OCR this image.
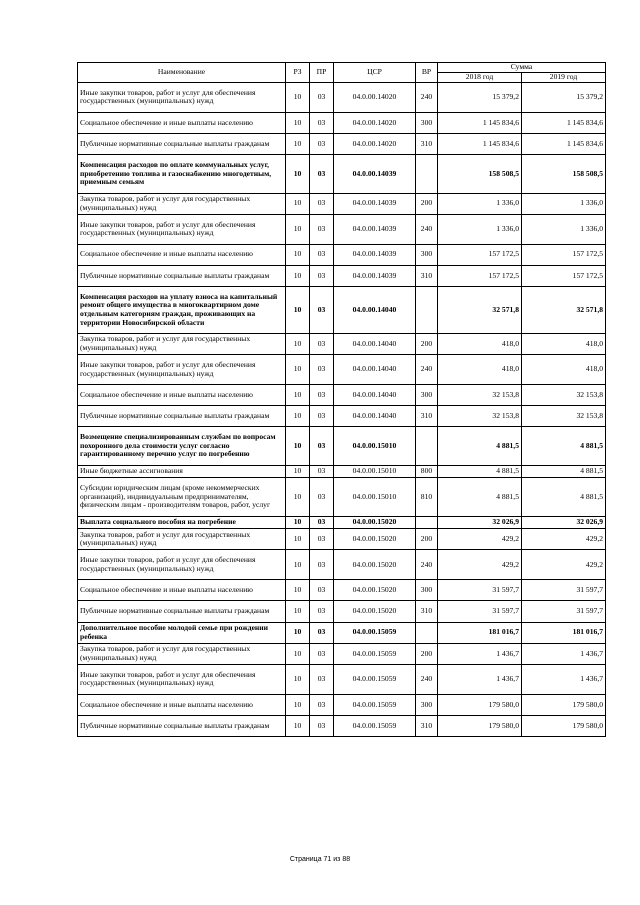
Наименование	РЗ	ПР	ЦСР	ВР	Сумма	
					2018 год	2019 год
Иные закупки товаров, работ и услуг для обеспечения государственных (муниципальных) нужд	10	03	04.0.00.14020	240	15 379,2	15 379,2
Социальное обеспечение и иные выплаты населению	10	03	04.0.00.14020	300	1 145 834,6	1 145 834,6
Публичные нормативные социальные выплаты гражданам	10	03	04.0.00.14020	310	1 145 834,6	1 145 834,6
Компенсация расходов по оплате коммунальных услуг, приобретению топлива и газоснабжению многодетным, приемным семьям	10	03	04.0.00.14039		158 508,5	158 508,5
Закупка товаров, работ и услуг для государственных (муниципальных) нужд	10	03	04.0.00.14039	200	1 336,0	1 336,0
Иные закупки товаров, работ и услуг для обеспечения государственных (муниципальных) нужд	10	03	04.0.00.14039	240	1 336,0	1 336,0
Социальное обеспечение и иные выплаты населению	10	03	04.0.00.14039	300	157 172,5	157 172,5
Публичные нормативные социальные выплаты гражданам	10	03	04.0.00.14039	310	157 172,5	157 172,5
Компенсация расходов на уплату взноса на капитальный ремонт общего имущества в многоквартирном доме отдельным категориям граждан, проживающих на территории Новосибирской области	10	03	04.0.00.14040		32 571,8	32 571,8
Закупка товаров, работ и услуг для государственных (муниципальных) нужд	10	03	04.0.00.14040	200	418,0	418,0
Иные закупки товаров, работ и услуг для обеспечения государственных (муниципальных) нужд	10	03	04.0.00.14040	240	418,0	418,0
Социальное обеспечение и иные выплаты населению	10	03	04.0.00.14040	300	32 153,8	32 153,8
Публичные нормативные социальные выплаты гражданам	10	03	04.0.00.14040	310	32 153,8	32 153,8
Возмещение специализированным службам по вопросам похоронного дела стоимости услуг согласно гарантированному перечню услуг по погребению	10	03	04.0.00.15010		4 881,5	4 881,5
Иные бюджетные ассигнования	10	03	04.0.00.15010	800	4 881,5	4 881,5
Субсидии юридическим лицам (кроме некоммерческих организаций), индивидуальным предпринимателям, физическим лицам - производителям товаров, работ, услуг	10	03	04.0.00.15010	810	4 881,5	4 881,5
Выплата социального пособия на погребение	10	03	04.0.00.15020		32 026,9	32 026,9
Закупка товаров, работ и услуг для государственных (муниципальных) нужд	10	03	04.0.00.15020	200	429,2	429,2
Иные закупки товаров, работ и услуг для обеспечения государственных (муниципальных) нужд	10	03	04.0.00.15020	240	429,2	429,2
Социальное обеспечение и иные выплаты населению	10	03	04.0.00.15020	300	31 597,7	31 597,7
Публичные нормативные социальные выплаты гражданам	10	03	04.0.00.15020	310	31 597,7	31 597,7
Дополнительное пособие молодой семье при рождении ребенка	10	03	04.0.00.15059		181 016,7	181 016,7
Закупка товаров, работ и услуг для государственных (муниципальных) нужд	10	03	04.0.00.15059	200	1 436,7	1 436,7
Иные закупки товаров, работ и услуг для обеспечения государственных (муниципальных) нужд	10	03	04.0.00.15059	240	1 436,7	1 436,7
Социальное обеспечение и иные выплаты населению	10	03	04.0.00.15059	300	179 580,0	179 580,0
Публичные нормативные социальные выплаты гражданам	10	03	04.0.00.15059	310	179 580,0	179 580,0
Страница 71 из 88
